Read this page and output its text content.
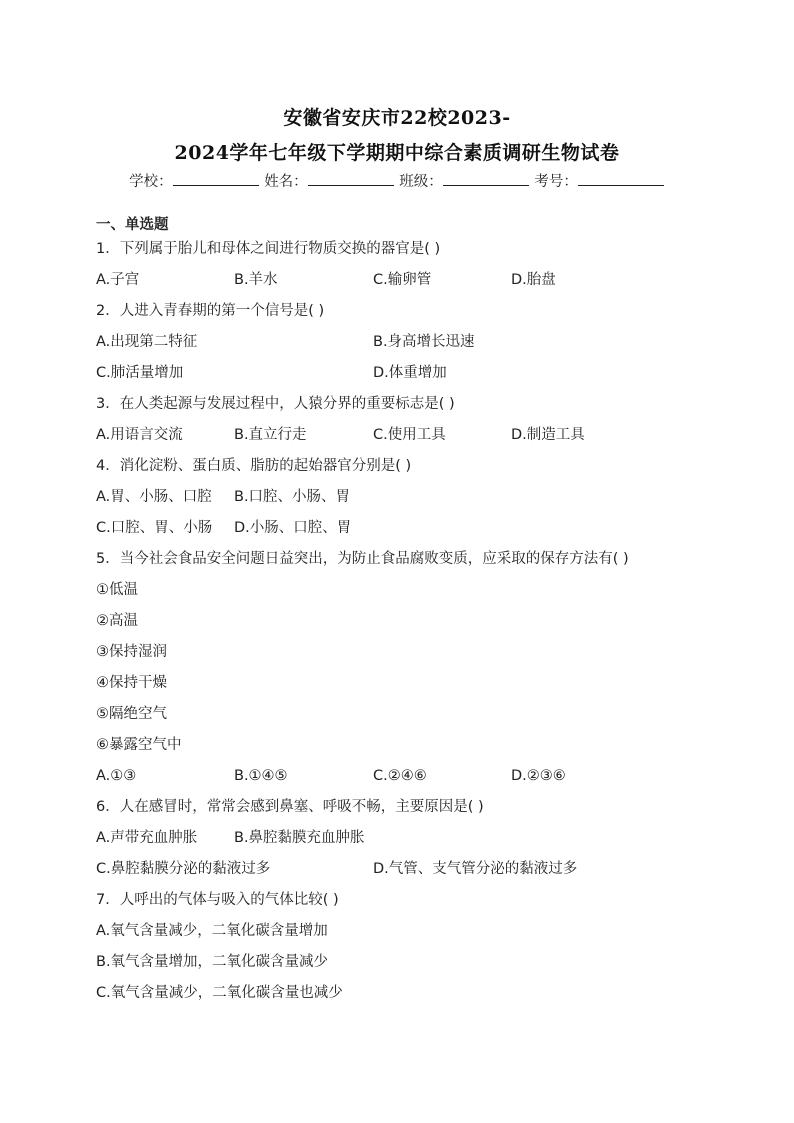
安徽省安庆市22校2023-
2024学年七年级下学期期中综合素质调研生物试卷
学校：	姓名：	班级：	考号：
一、单选题
1．下列属于胎儿和母体之间进行物质交换的器官是( )
A.子宫	B.羊水	C.输卵管	D.胎盘
2．人进入青春期的第一个信号是( )
A.出现第二特征	B.身高增长迅速
C.肺活量增加	D.体重增加
3．在人类起源与发展过程中，人猿分界的重要标志是( )
A.用语言交流	B.直立行走	C.使用工具	D.制造工具
4．消化淀粉、蛋白质、脂肪的起始器官分别是( )
A.胃、小肠、口腔 B.口腔、小肠、胃
C.口腔、胃、小肠 D.小肠、口腔、胃
5．当今社会食品安全问题日益突出，为防止食品腐败变质，应采取的保存方法有( )
①低温
②高温
③保持湿润
④保持干燥
⑤隔绝空气
⑥暴露空气中
A.①③	B.①④⑤	C.②④⑥	D.②③⑥
6．人在感冒时，常常会感到鼻塞、呼吸不畅，主要原因是( )
A.声带充血肿胀	B.鼻腔黏膜充血肿胀
C.鼻腔黏膜分泌的黏液过多	D.气管、支气管分泌的黏液过多
7．人呼出的气体与吸入的气体比较( )
A.氧气含量减少，二氧化碳含量增加
B.氧气含量增加，二氧化碳含量减少
C.氧气含量减少，二氧化碳含量也减少
